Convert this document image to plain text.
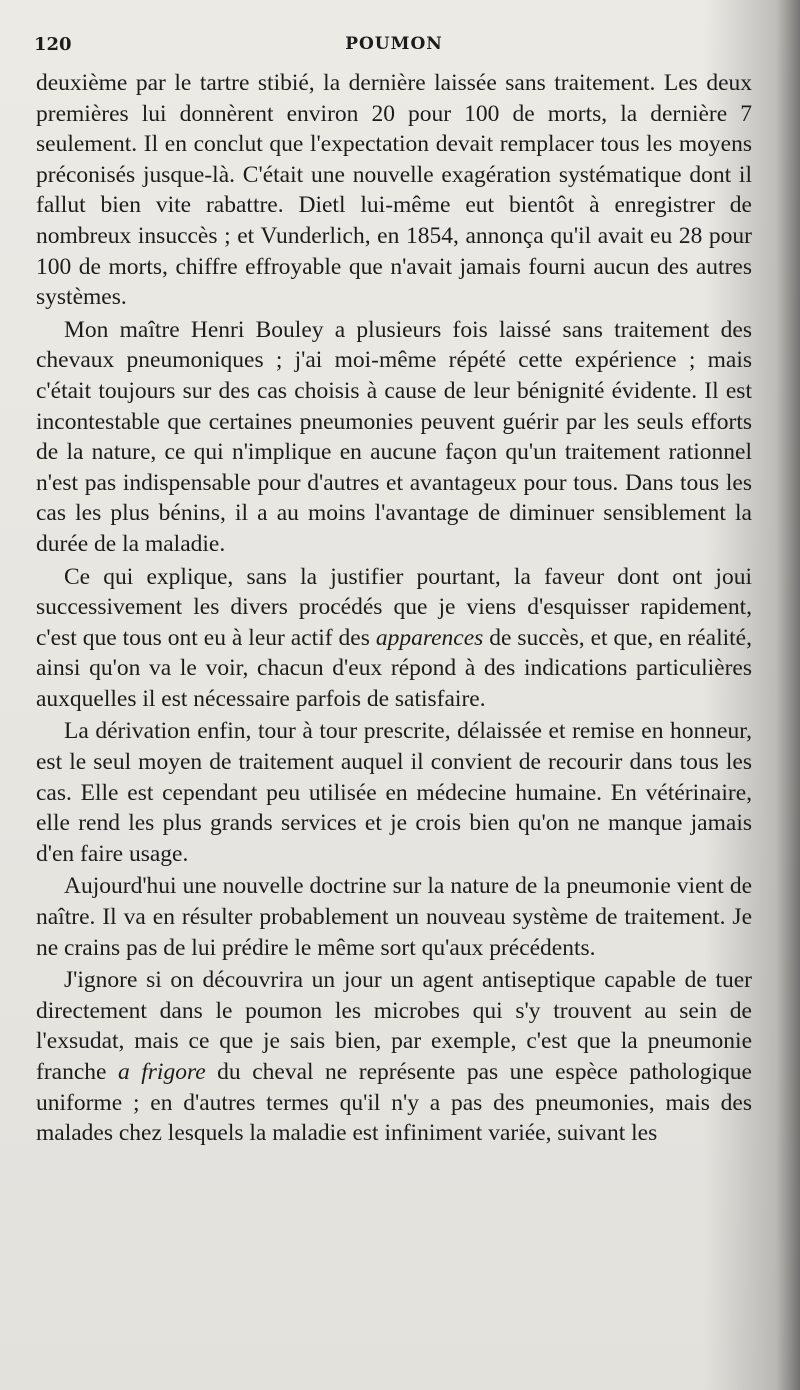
120	POUMON

deuxième par le tartre stibié, la dernière laissée sans traitement. Les deux premières lui donnèrent environ 20 pour 100 de morts, la dernière 7 seulement. Il en conclut que l'expectation devait remplacer tous les moyens préconisés jusque-là. C'était une nouvelle exagération systématique dont il fallut bien vite rabattre. Dietl lui-même eut bientôt à enregistrer de nombreux insuccès ; et Vunderlich, en 1854, annonça qu'il avait eu 28 pour 100 de morts, chiffre effroyable que n'avait jamais fourni aucun des autres systèmes.

Mon maître Henri Bouley a plusieurs fois laissé sans traitement des chevaux pneumoniques ; j'ai moi-même répété cette expérience ; mais c'était toujours sur des cas choisis à cause de leur bénignité évidente. Il est incontestable que certaines pneumonies peuvent guérir par les seuls efforts de la nature, ce qui n'implique en aucune façon qu'un traitement rationnel n'est pas indispensable pour d'autres et avantageux pour tous. Dans tous les cas les plus bénins, il a au moins l'avantage de diminuer sensiblement la durée de la maladie.

Ce qui explique, sans la justifier pourtant, la faveur dont ont joui successivement les divers procédés que je viens d'esquisser rapidement, c'est que tous ont eu à leur actif des apparences de succès, et que, en réalité, ainsi qu'on va le voir, chacun d'eux répond à des indications particulières auxquelles il est nécessaire parfois de satisfaire.

La dérivation enfin, tour à tour prescrite, délaissée et remise en honneur, est le seul moyen de traitement auquel il convient de recourir dans tous les cas. Elle est cependant peu utilisée en médecine humaine. En vétérinaire, elle rend les plus grands services et je crois bien qu'on ne manque jamais d'en faire usage.

Aujourd'hui une nouvelle doctrine sur la nature de la pneumonie vient de naître. Il va en résulter probablement un nouveau système de traitement. Je ne crains pas de lui prédire le même sort qu'aux précédents.

J'ignore si on découvrira un jour un agent antiseptique capable de tuer directement dans le poumon les microbes qui s'y trouvent au sein de l'exsudat, mais ce que je sais bien, par exemple, c'est que la pneumonie franche a frigore du cheval ne représente pas une espèce pathologique uniforme ; en d'autres termes qu'il n'y a pas des pneumonies, mais des malades chez lesquels la maladie est infiniment variée, suivant les
